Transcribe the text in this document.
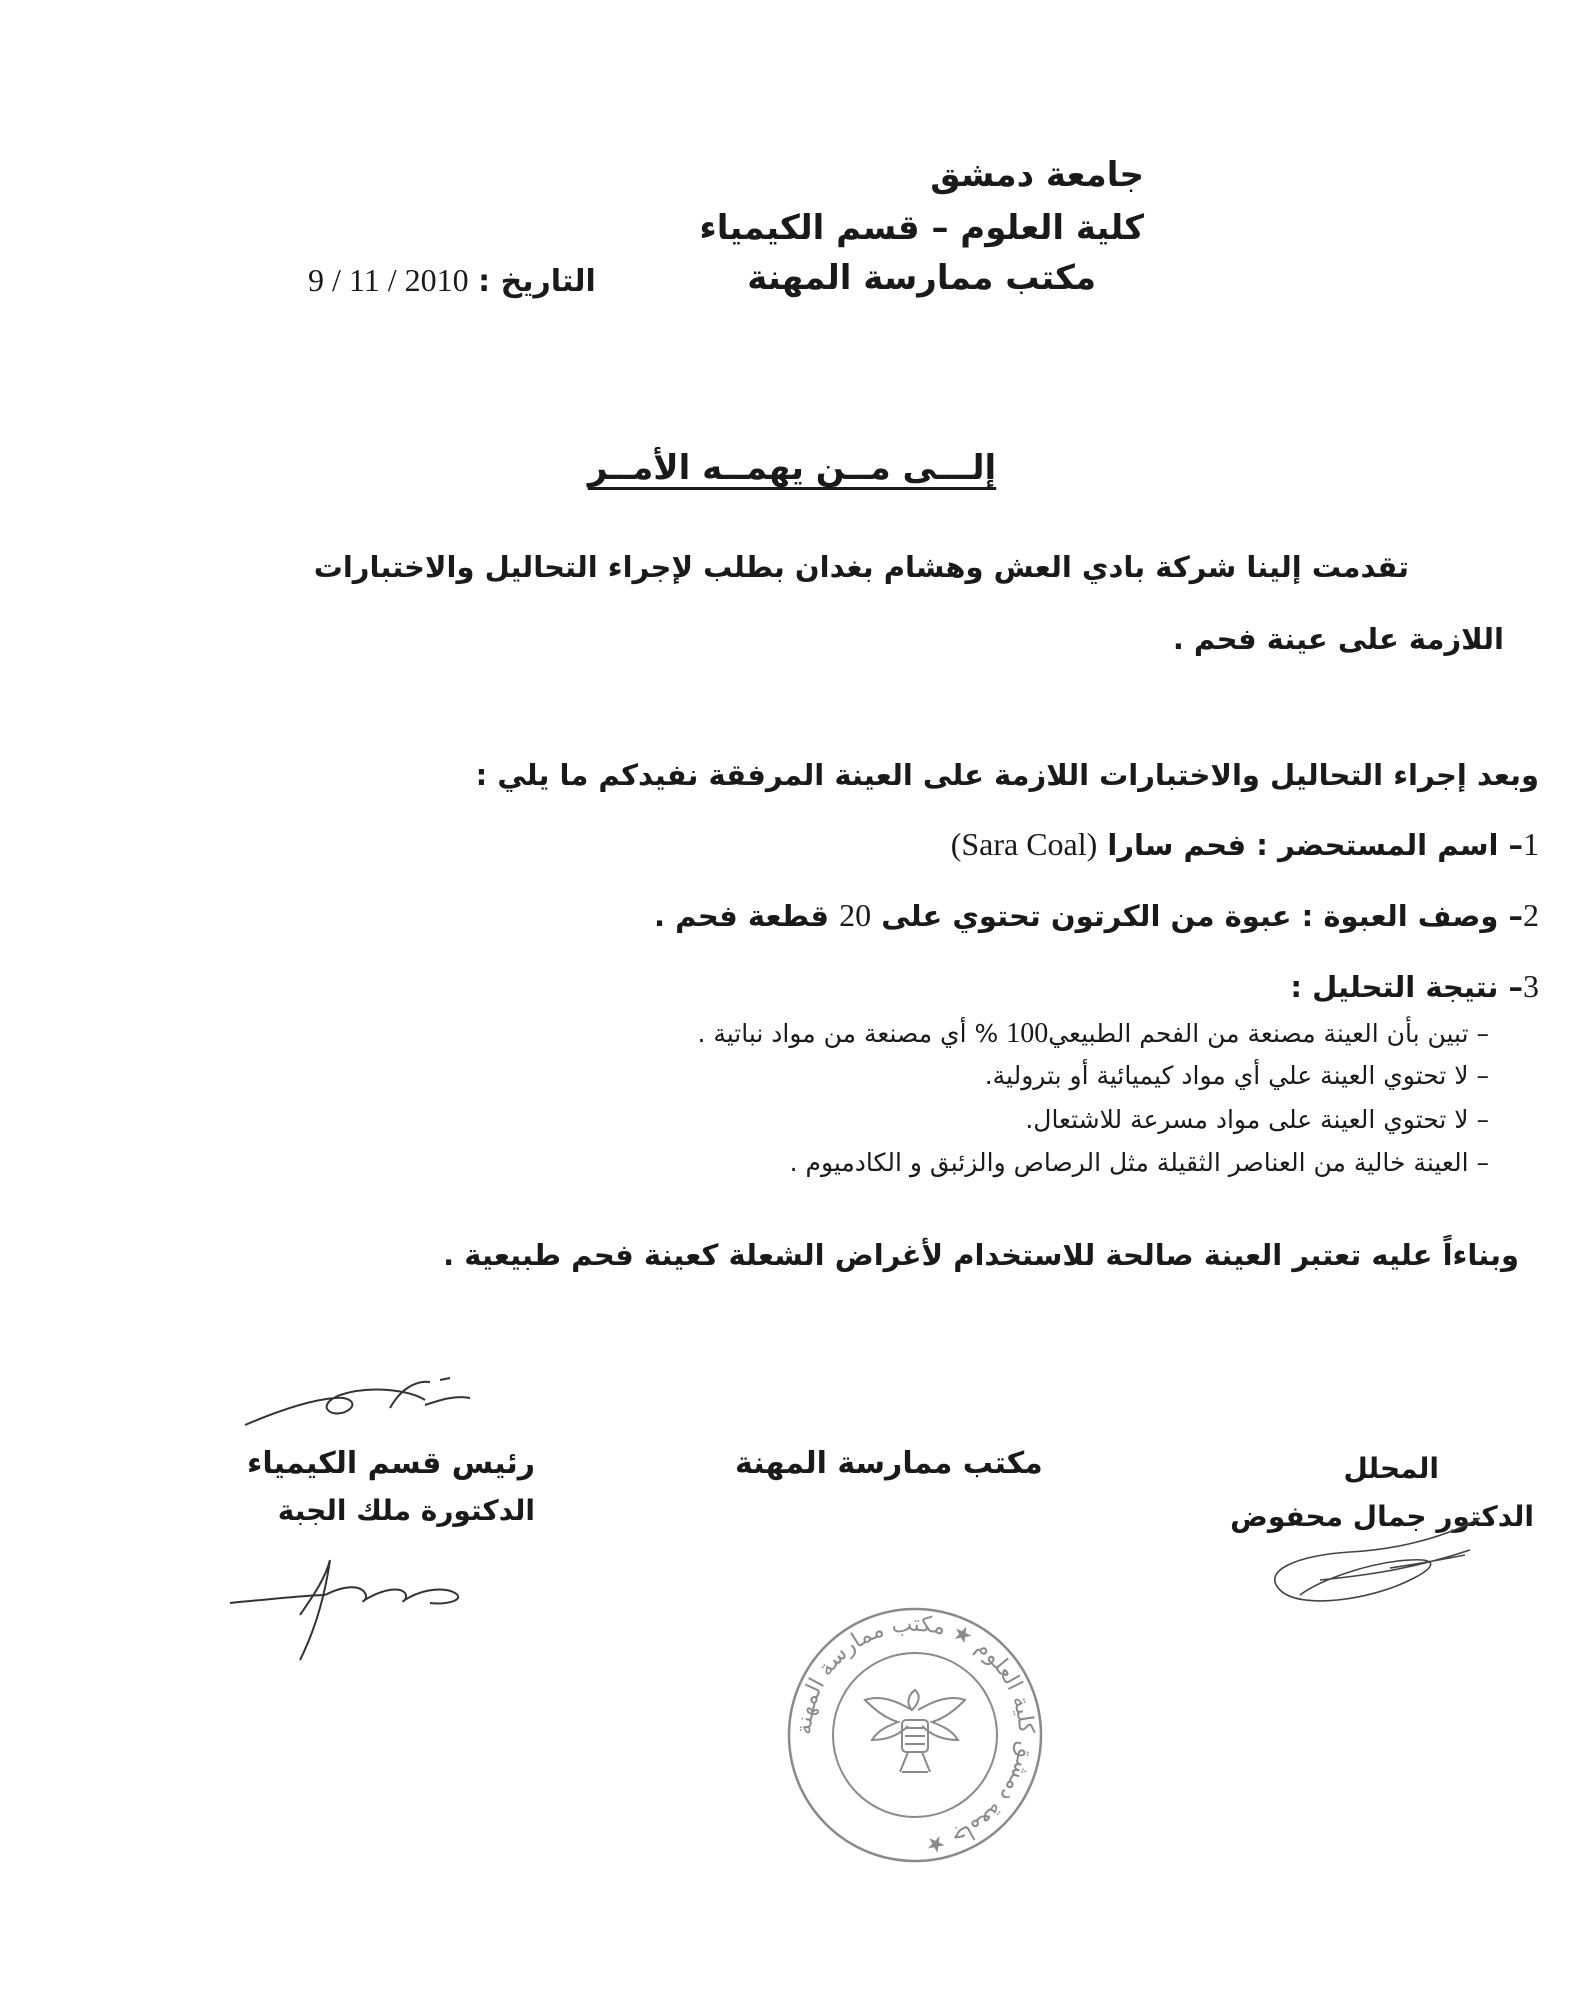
جامعة دمشق
كلية العلوم – قسم الكيمياء
مكتب ممارسة المهنة
9 / 11 / 2010 التاريخ :
إلـــى مــن يهمــه الأمــر
تقدمت إلينا شركة بادي العش وهشام بغدان بطلب لإجراء التحاليل والاختبارات
اللازمة على عينة فحم .
وبعد إجراء التحاليل والاختبارات اللازمة على العينة المرفقة نفيدكم ما يلي :
1– اسم المستحضر : فحم سارا (Sara Coal)
2– وصف العبوة : عبوة من الكرتون تحتوي على 20 قطعة فحم .
3– نتيجة التحليل :
– تبين بأن العينة مصنعة من الفحم الطبيعي100 % أي مصنعة من مواد نباتية .
– لا تحتوي العينة علي أي مواد كيميائية أو بترولية.
– لا تحتوي العينة على مواد مسرعة للاشتعال.
– العينة خالية من العناصر الثقيلة مثل الرصاص والزئبق و الكادميوم .
وبناءاً عليه تعتبر العينة صالحة للاستخدام لأغراض الشعلة كعينة فحم طبيعية .
رئيس قسم الكيمياء
الدكتورة ملك الجبة
مكتب ممارسة المهنة	المحلل
الدكتور جمال محفوض
جامعة دمشق كلية العلوم ★ مكتب ممارسة المهنة ★
